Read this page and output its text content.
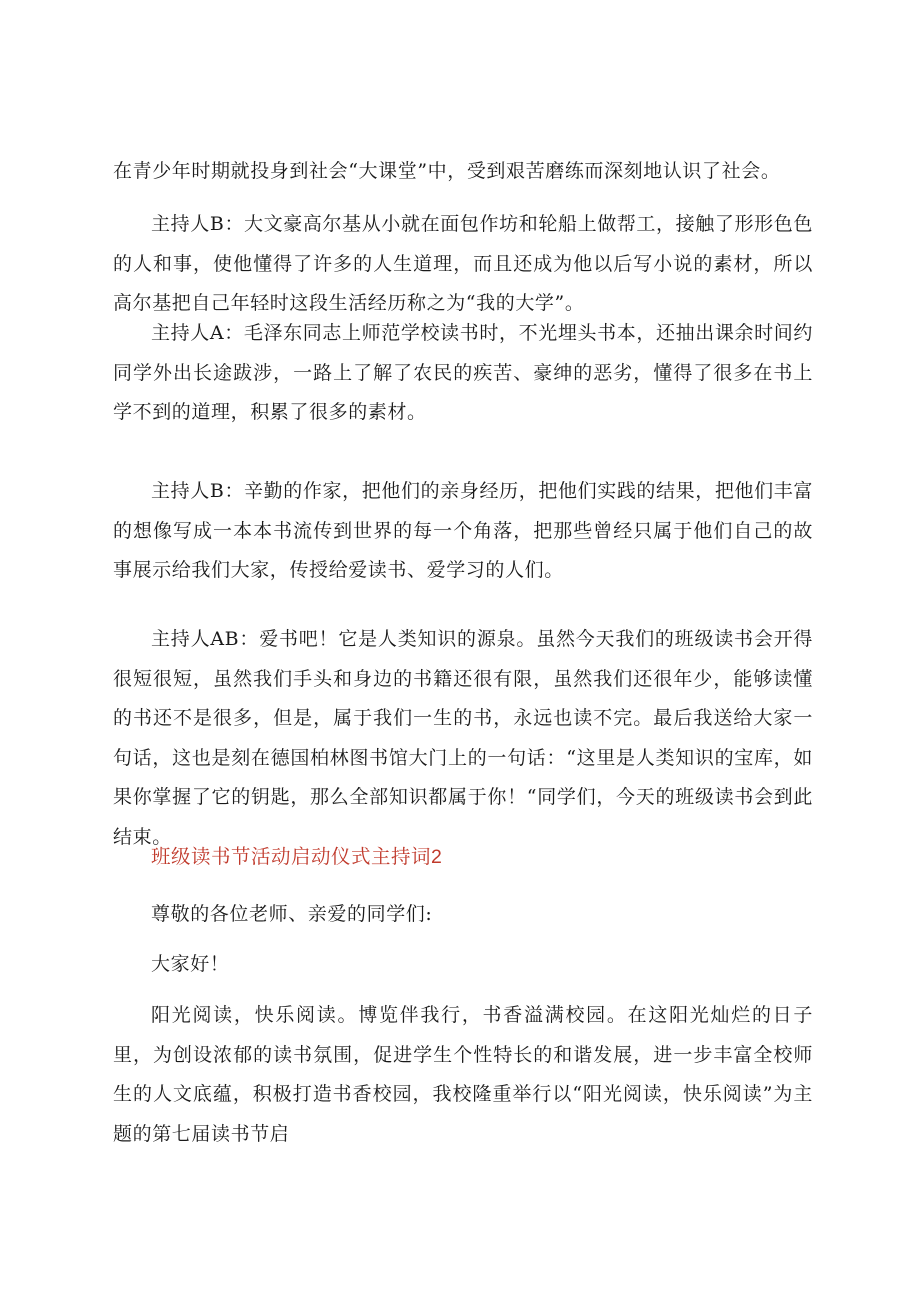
在青少年时期就投身到社会“大课堂”中，受到艰苦磨练而深刻地认识了社会。

主持人B：大文豪高尔基从小就在面包作坊和轮船上做帮工，接触了形形色色的人和事，使他懂得了许多的人生道理，而且还成为他以后写小说的素材，所以高尔基把自己年轻时这段生活经历称之为“我的大学”。

主持人A：毛泽东同志上师范学校读书时，不光埋头书本，还抽出课余时间约同学外出长途跋涉，一路上了解了农民的疾苦、豪绅的恶劣，懂得了很多在书上学不到的道理，积累了很多的素材。

主持人B：辛勤的作家，把他们的亲身经历，把他们实践的结果，把他们丰富的想像写成一本本书流传到世界的每一个角落，把那些曾经只属于他们自己的故事展示给我们大家，传授给爱读书、爱学习的人们。

主持人AB：爱书吧！它是人类知识的源泉。虽然今天我们的班级读书会开得很短很短，虽然我们手头和身边的书籍还很有限，虽然我们还很年少，能够读懂的书还不是很多，但是，属于我们一生的书，永远也读不完。最后我送给大家一句话，这也是刻在德国柏林图书馆大门上的一句话：“这里是人类知识的宝库，如果你掌握了它的钥匙，那么全部知识都属于你！“同学们，今天的班级读书会到此结束。

班级读书节活动启动仪式主持词2

尊敬的各位老师、亲爱的同学们:

大家好！

阳光阅读，快乐阅读。博览伴我行，书香溢满校园。在这阳光灿烂的日子里，为创设浓郁的读书氛围，促进学生个性特长的和谐发展，进一步丰富全校师生的人文底蕴，积极打造书香校园，我校隆重举行以“阳光阅读，快乐阅读”为主题的第七届读书节启
